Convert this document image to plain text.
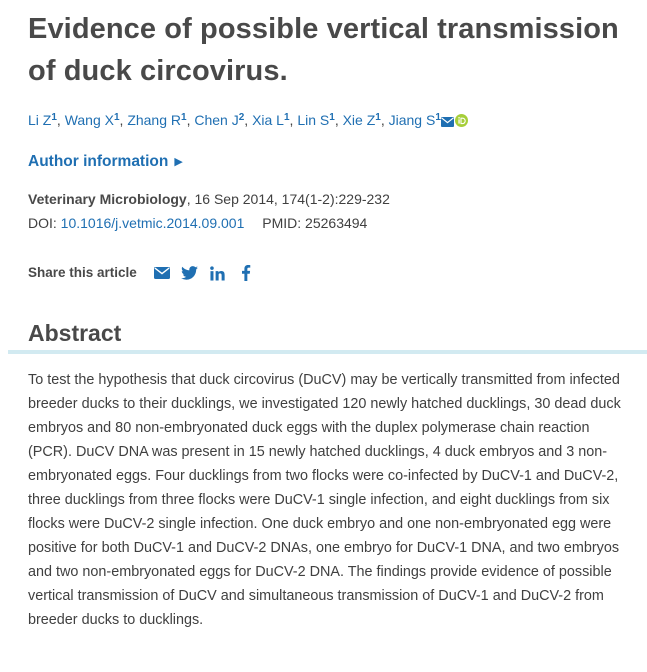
Evidence of possible vertical transmission of duck circovirus.
Li Z$^1$, Wang X$^1$, Zhang R$^1$, Chen J$^2$, Xia L$^1$, Lin S$^1$, Xie Z$^1$, Jiang S$^1$
Author information ▶
Veterinary Microbiology, 16 Sep 2014, 174(1-2):229-232
DOI: 10.1016/j.vetmic.2014.09.001 PMID: 25263494
Share this article
Abstract

To test the hypothesis that duck circovirus (DuCV) may be vertically transmitted from infected breeder ducks to their ducklings, we investigated 120 newly hatched ducklings, 30 dead duck embryos and 80 non-embryonated duck eggs with the duplex polymerase chain reaction (PCR). DuCV DNA was present in 15 newly hatched ducklings, 4 duck embryos and 3 non-embryonated eggs. Four ducklings from two flocks were co-infected by DuCV-1 and DuCV-2, three ducklings from three flocks were DuCV-1 single infection, and eight ducklings from six flocks were DuCV-2 single infection. One duck embryo and one non-embryonated egg were positive for both DuCV-1 and DuCV-2 DNAs, one embryo for DuCV-1 DNA, and two embryos and two non-embryonated eggs for DuCV-2 DNA. The findings provide evidence of possible vertical transmission of DuCV and simultaneous transmission of DuCV-1 and DuCV-2 from breeder ducks to ducklings.
